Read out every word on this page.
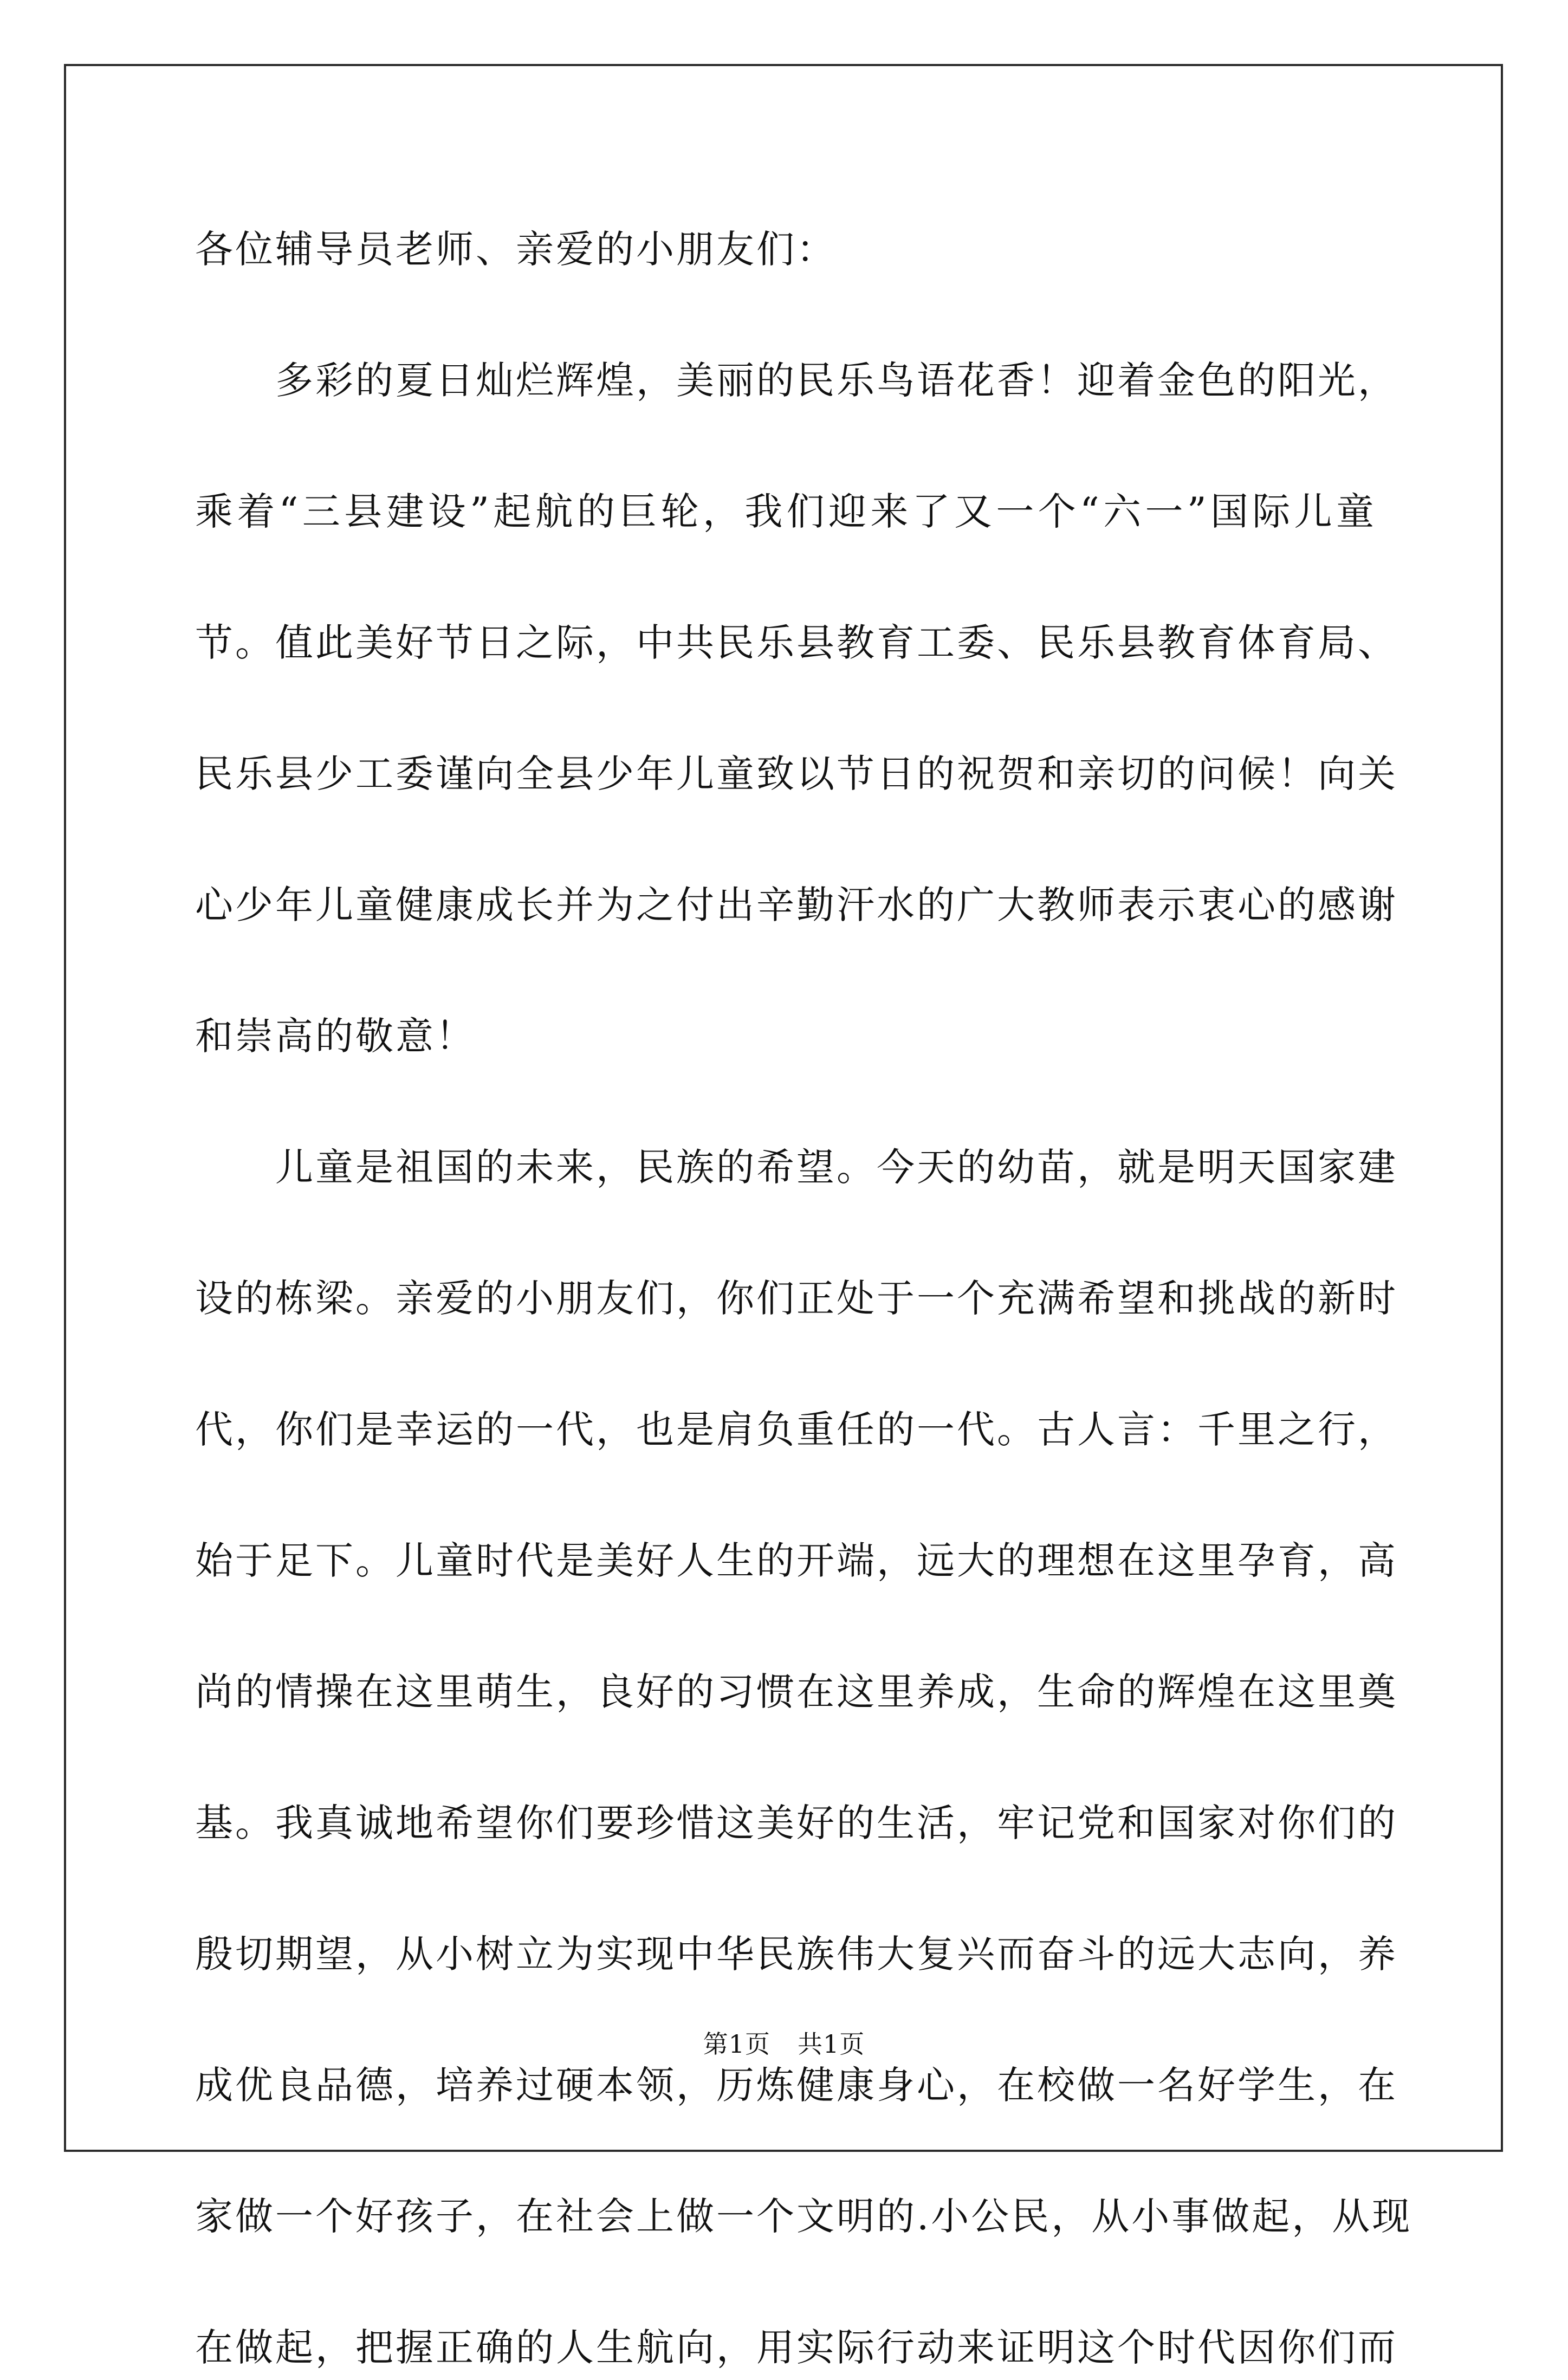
各位辅导员老师、亲爱的小朋友们：
多彩的夏日灿烂辉煌，美丽的民乐鸟语花香！迎着金色的阳光，
乘着“三县建设”起航的巨轮，我们迎来了又一个“六一”国际儿童
节。值此美好节日之际，中共民乐县教育工委、民乐县教育体育局、
民乐县少工委谨向全县少年儿童致以节日的祝贺和亲切的问候！向关
心少年儿童健康成长并为之付出辛勤汗水的广大教师表示衷心的感谢
和崇高的敬意！
儿童是祖国的未来，民族的希望。今天的幼苗，就是明天国家建
设的栋梁。亲爱的小朋友们，你们正处于一个充满希望和挑战的新时
代，你们是幸运的一代，也是肩负重任的一代。古人言：千里之行，
始于足下。儿童时代是美好人生的开端，远大的理想在这里孕育，高
尚的情操在这里萌生，良好的习惯在这里养成，生命的辉煌在这里奠
基。我真诚地希望你们要珍惜这美好的生活，牢记党和国家对你们的
殷切期望，从小树立为实现中华民族伟大复兴而奋斗的远大志向，养
成优良品德，培养过硬本领，历炼健康身心，在校做一名好学生，在
家做一个好孩子，在社会上做一个文明的.小公民，从小事做起，从现
在做起，把握正确的人生航向，用实际行动来证明这个时代因你们而
第1页 共1页
